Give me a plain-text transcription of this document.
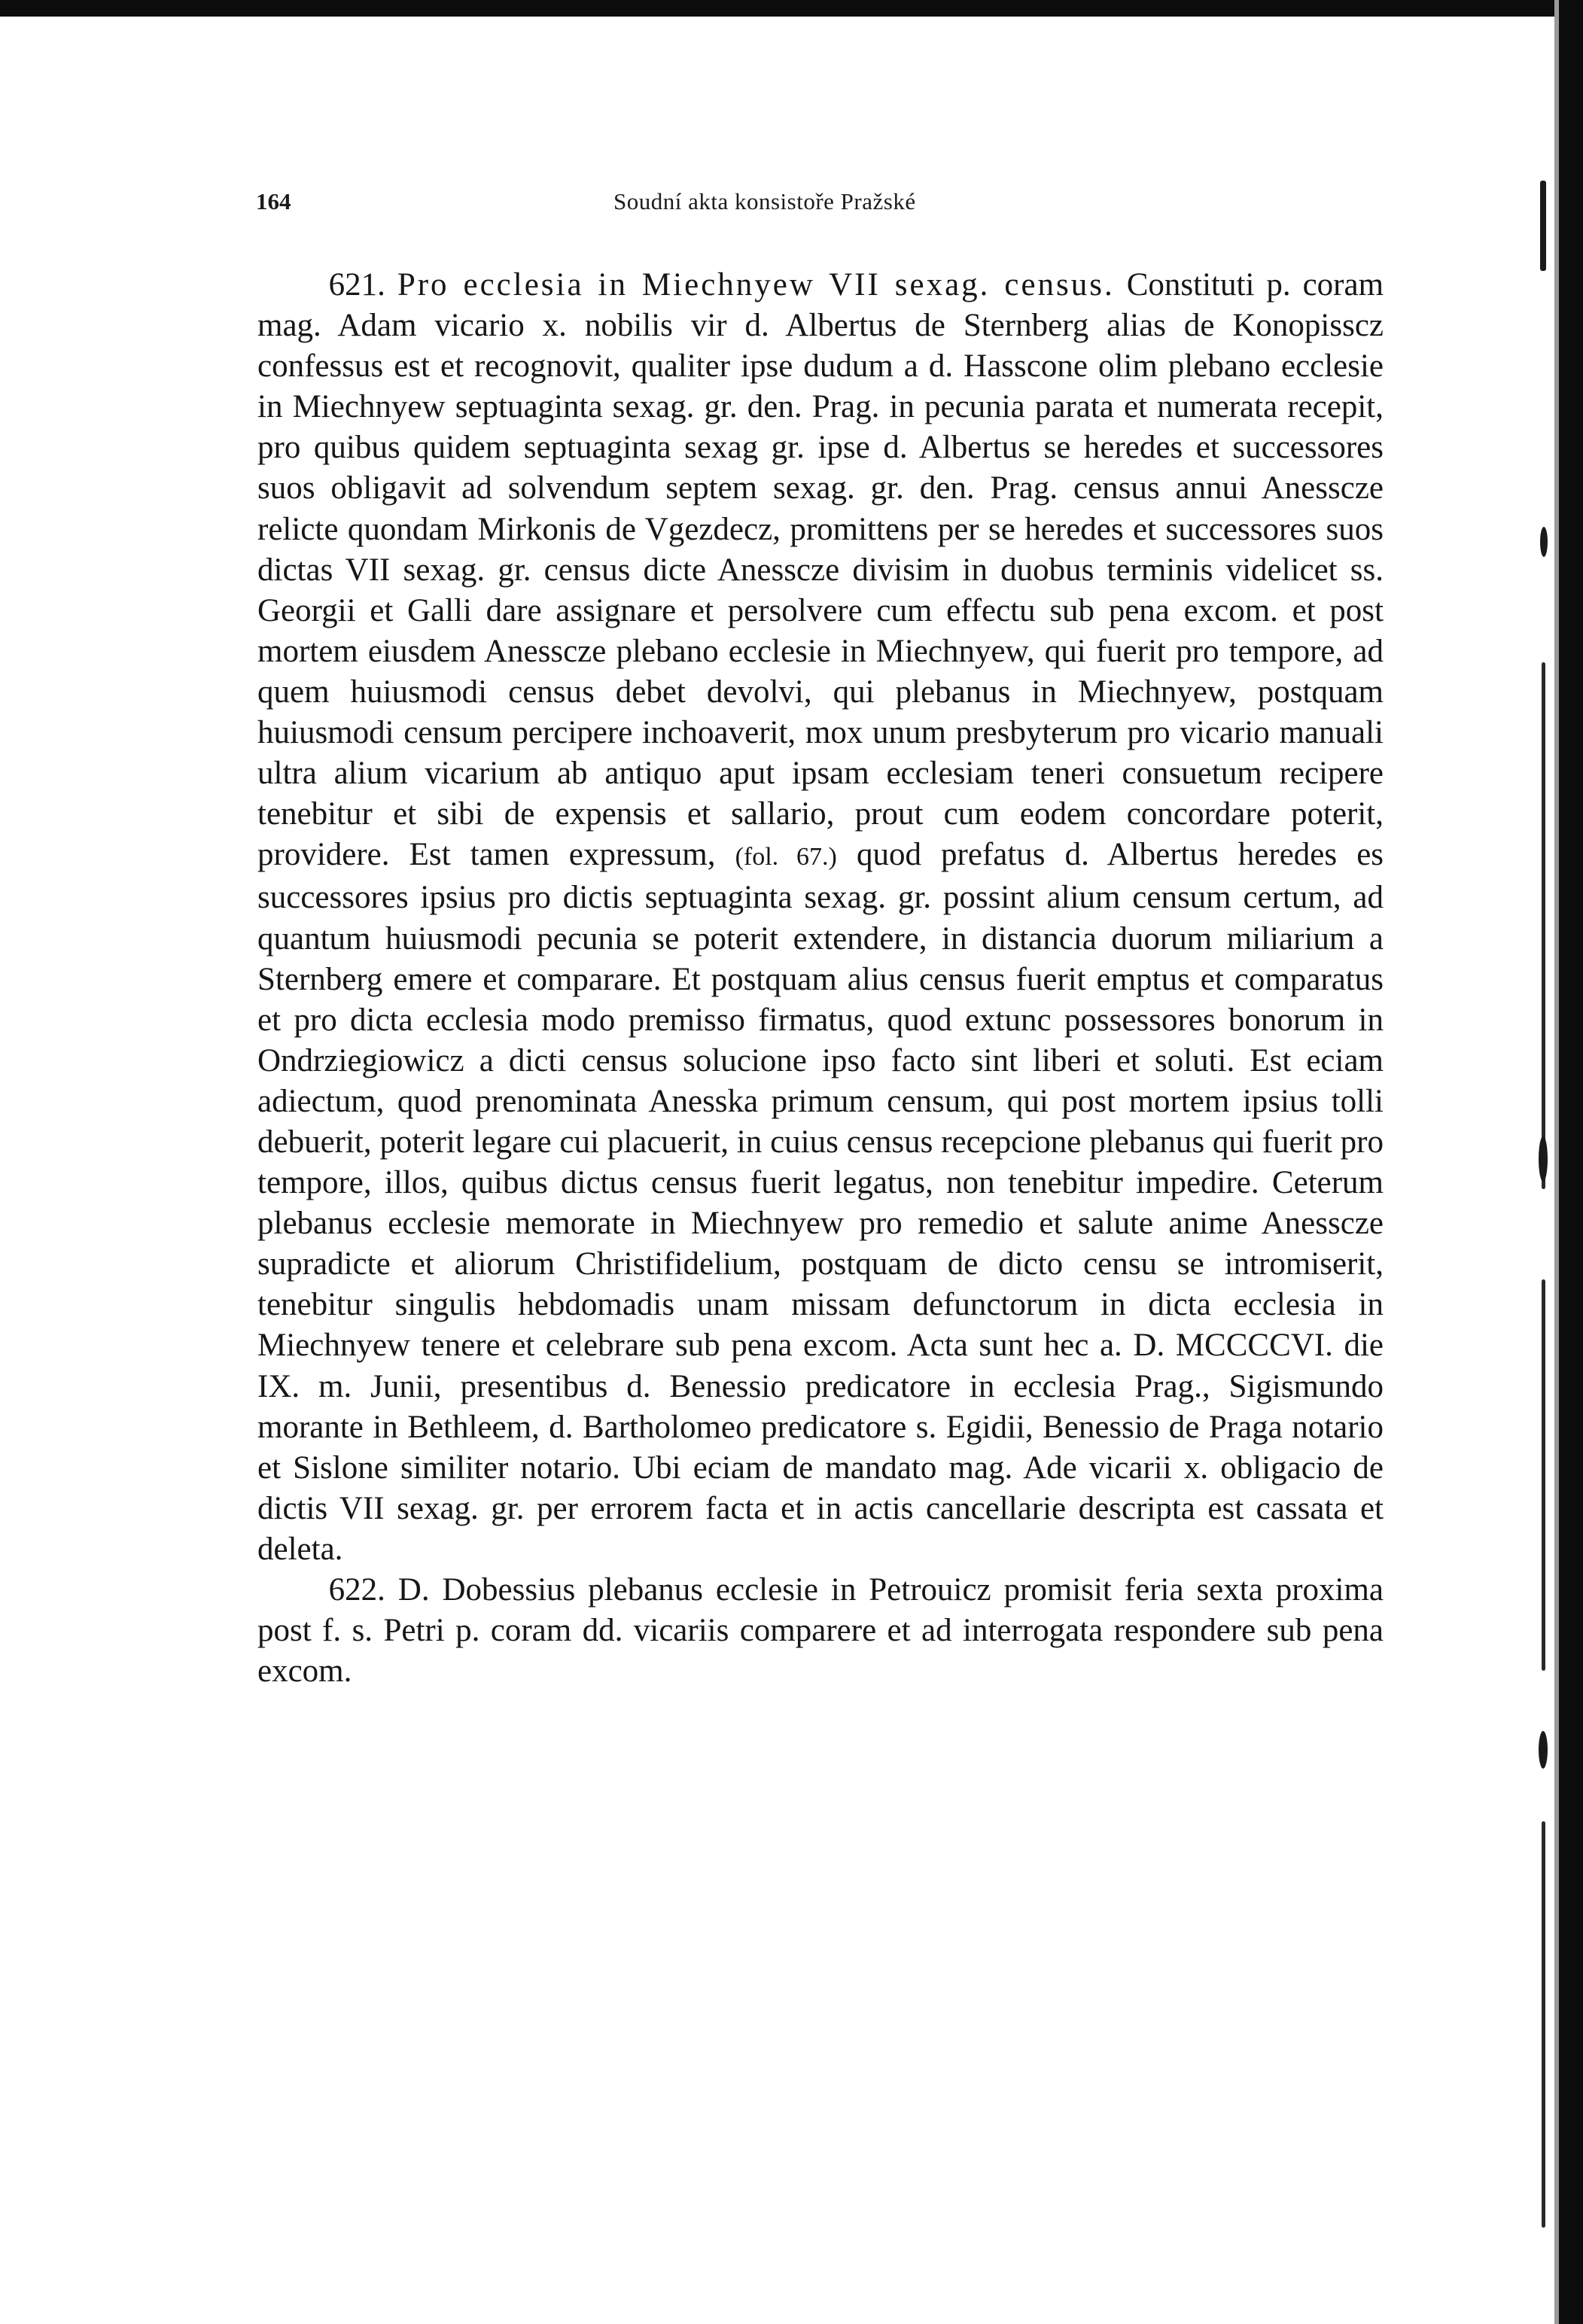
164	Soudní akta konsistoře Pražské

621. Pro ecclesia in Miechnyew VII sexag. census. Constituti p. coram mag. Adam vicario x. nobilis vir d. Albertus de Sternberg alias de Konopisscz confessus est et recognovit, qualiter ipse dudum a d. Hasscone olim plebano ecclesie in Miechnyew septuaginta sexag. gr. den. Prag. in pecunia parata et numerata recepit, pro quibus quidem septuaginta sexag gr. ipse d. Albertus se heredes et successores suos obligavit ad solvendum septem sexag. gr. den. Prag. census annui Anesscze relicte quondam Mirkonis de Vgezdecz, promittens per se heredes et successores suos dictas VII sexag. gr. census dicte Anesscze divisim in duobus terminis videlicet ss. Georgii et Galli dare assignare et persolvere cum effectu sub pena excom. et post mortem eiusdem Anesscze plebano ecclesie in Miechnyew, qui fuerit pro tempore, ad quem huiusmodi census debet devolvi, qui plebanus in Miechnyew, postquam huiusmodi censum percipere inchoaverit, mox unum presbyterum pro vicario manuali ultra alium vicarium ab antiquo aput ipsam ecclesiam teneri consuetum recipere tenebitur et sibi de expensis et sallario, prout cum eodem concordare poterit, providere. Est tamen expressum, (fol. 67.) quod prefatus d. Albertus heredes es successores ipsius pro dictis septuaginta sexag. gr. possint alium censum certum, ad quantum huiusmodi pecunia se poterit extendere, in distancia duorum miliarium a Sternberg emere et comparare. Et postquam alius census fuerit emptus et comparatus et pro dicta ecclesia modo premisso firmatus, quod extunc possessores bonorum in Ondrziegiowicz a dicti census solucione ipso facto sint liberi et soluti. Est eciam adiectum, quod prenominata Anesska primum censum, qui post mortem ipsius tolli debuerit, poterit legare cui placuerit, in cuius census recepcione plebanus qui fuerit pro tempore, illos, quibus dictus census fuerit legatus, non tenebitur impedire. Ceterum plebanus ecclesie memorate in Miechnyew pro remedio et salute anime Anesscze supradicte et aliorum Christifidelium, postquam de dicto censu se intromiserit, tenebitur singulis hebdomadis unam missam defunctorum in dicta ecclesia in Miechnyew tenere et celebrare sub pena excom. Acta sunt hec a. D. MCCCCVI. die IX. m. Junii, presentibus d. Benessio predicatore in ecclesia Prag., Sigismundo morante in Bethleem, d. Bartholomeo predicatore s. Egidii, Benessio de Praga notario et Sislone similiter notario. Ubi eciam de mandato mag. Ade vicarii x. obligacio de dictis VII sexag. gr. per errorem facta et in actis cancellarie descripta est cassata et deleta.

622. D. Dobessius plebanus ecclesie in Petrouicz promisit feria sexta proxima post f. s. Petri p. coram dd. vicariis comparere et ad interrogata respondere sub pena excom.
